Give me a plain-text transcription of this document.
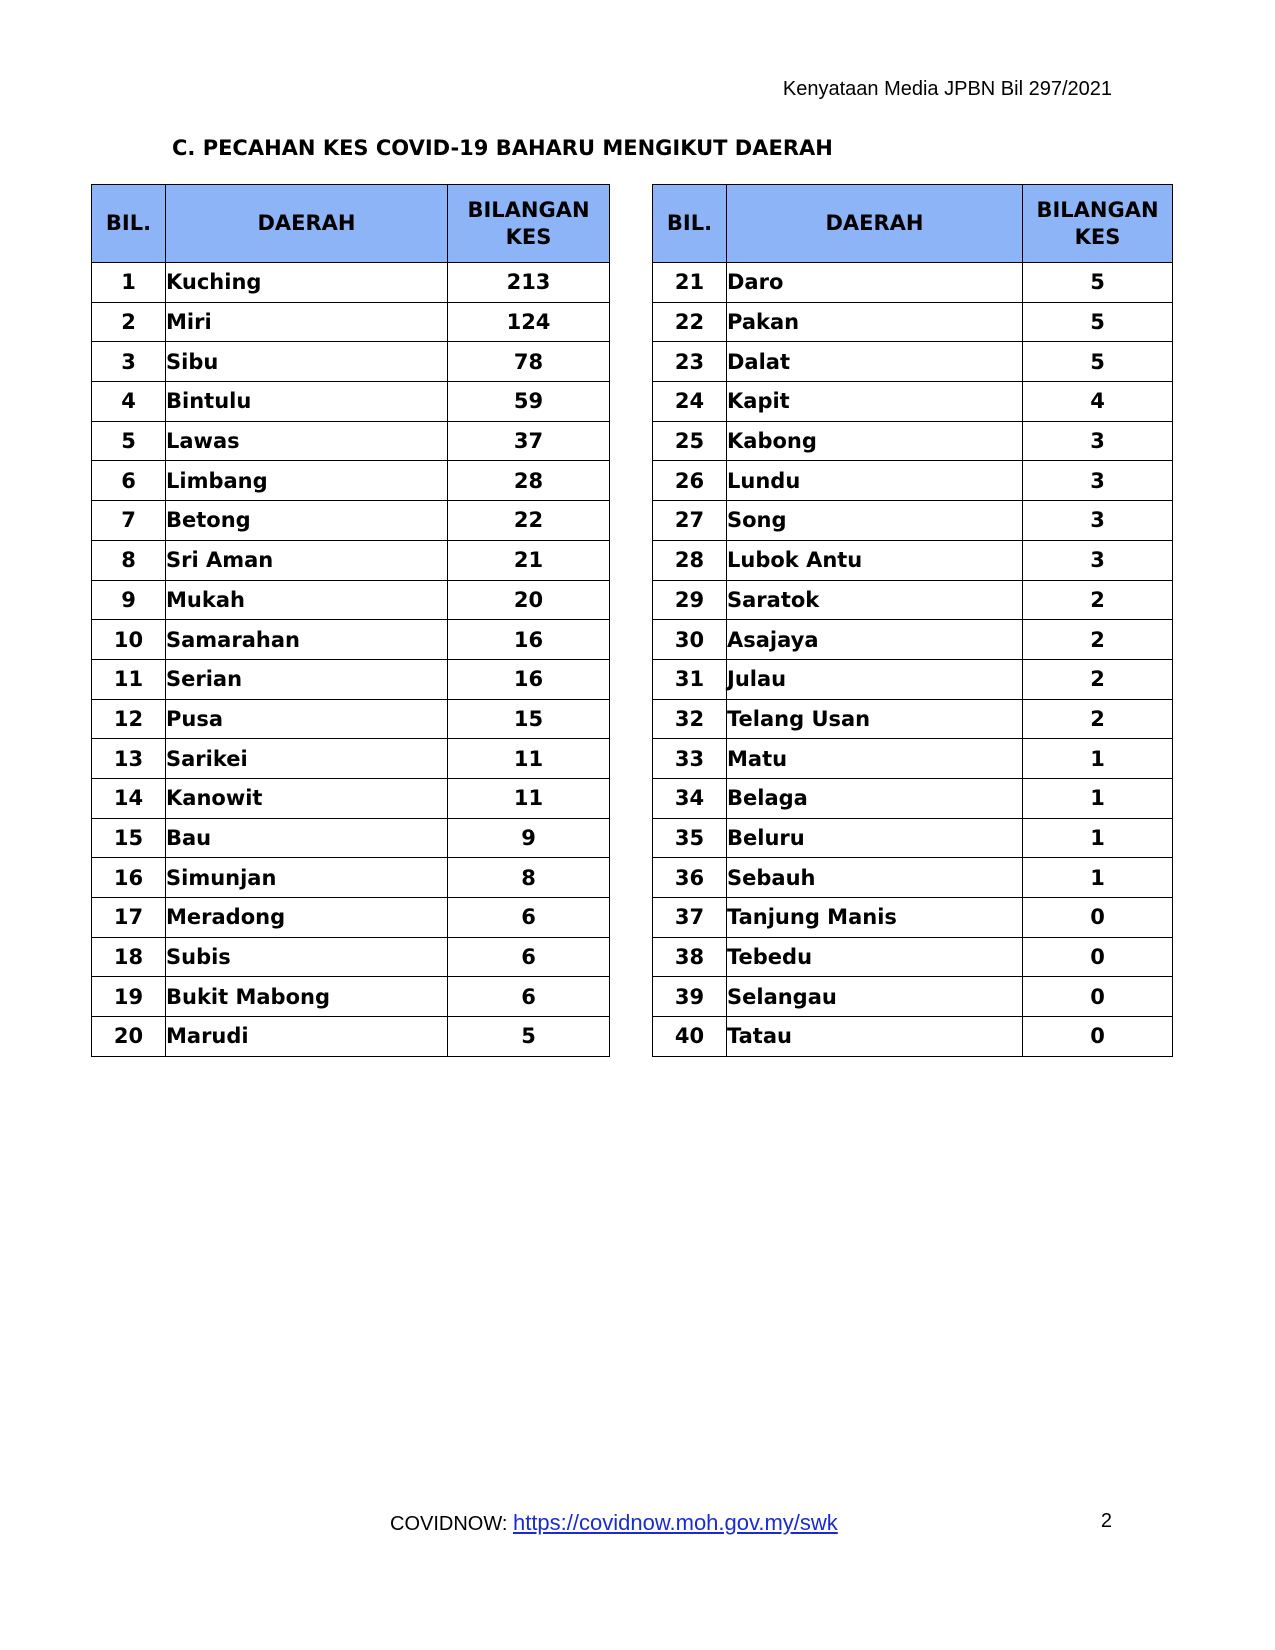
Kenyataan Media JPBN Bil 297/2021
C. PECAHAN KES COVID-19 BAHARU MENGIKUT DAERAH
BIL.	DAERAH	BILANGAN
KES
1	Kuching	213
2	Miri	124
3	Sibu	78
4	Bintulu	59
5	Lawas	37
6	Limbang	28
7	Betong	22
8	Sri Aman	21
9	Mukah	20
10	Samarahan	16
11	Serian	16
12	Pusa	15
13	Sarikei	11
14	Kanowit	11
15	Bau	9
16	Simunjan	8
17	Meradong	6
18	Subis	6
19	Bukit Mabong	6
20	Marudi	5
BIL.	DAERAH	BILANGAN
KES
21	Daro	5
22	Pakan	5
23	Dalat	5
24	Kapit	4
25	Kabong	3
26	Lundu	3
27	Song	3
28	Lubok Antu	3
29	Saratok	2
30	Asajaya	2
31	Julau	2
32	Telang Usan	2
33	Matu	1
34	Belaga	1
35	Beluru	1
36	Sebauh	1
37	Tanjung Manis	0
38	Tebedu	0
39	Selangau	0
40	Tatau	0
COVIDNOW: https://covidnow.moh.gov.my/swk	2
